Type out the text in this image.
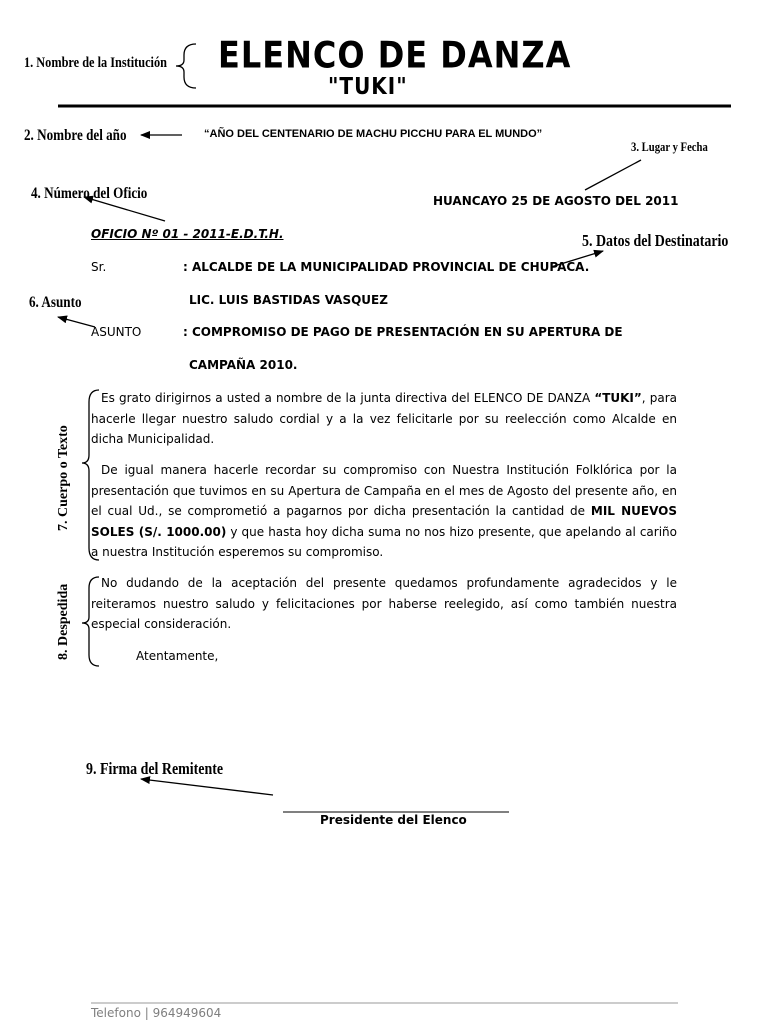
ELENCO DE DANZA
"TUKI"
1. Nombre de la Institución
2. Nombre del año
3. Lugar y Fecha
4. Número del Oficio
5. Datos del Destinatario
6. Asunto
7. Cuerpo o Texto
8. Despedida
9. Firma del Remitente
“AÑO DEL CENTENARIO DE MACHU PICCHU PARA EL MUNDO”
HUANCAYO 25 DE AGOSTO DEL 2011
OFICIO Nº 01 - 2011-E.D.T.H.
Sr.	: ALCALDE DE LA MUNICIPALIDAD PROVINCIAL DE CHUPACA.
LIC. LUIS BASTIDAS VASQUEZ
ASUNTO	: COMPROMISO DE PAGO DE PRESENTACIÓN EN SU APERTURA DE
CAMPAÑA 2010.
Es grato dirigirnos a usted a nombre de la junta directiva del ELENCO DE DANZA “TUKI”, para hacerle llegar nuestro saludo cordial y a la vez felicitarle por su reelección como Alcalde en dicha Municipalidad.
De igual manera hacerle recordar su compromiso con Nuestra Institución Folklórica por la presentación que tuvimos en su Apertura de Campaña en el mes de Agosto del presente año, en el cual Ud., se comprometió a pagarnos por dicha presentación la cantidad de MIL NUEVOS SOLES (S/. 1000.00) y que hasta hoy dicha suma no nos hizo presente, que apelando al cariño a nuestra Institución esperemos su compromiso.
No dudando de la aceptación del presente quedamos profundamente agradecidos y le reiteramos nuestro saludo y felicitaciones por haberse reelegido, así como también nuestra especial consideración.
Atentamente,
Presidente del Elenco
Telefono | 964949604
